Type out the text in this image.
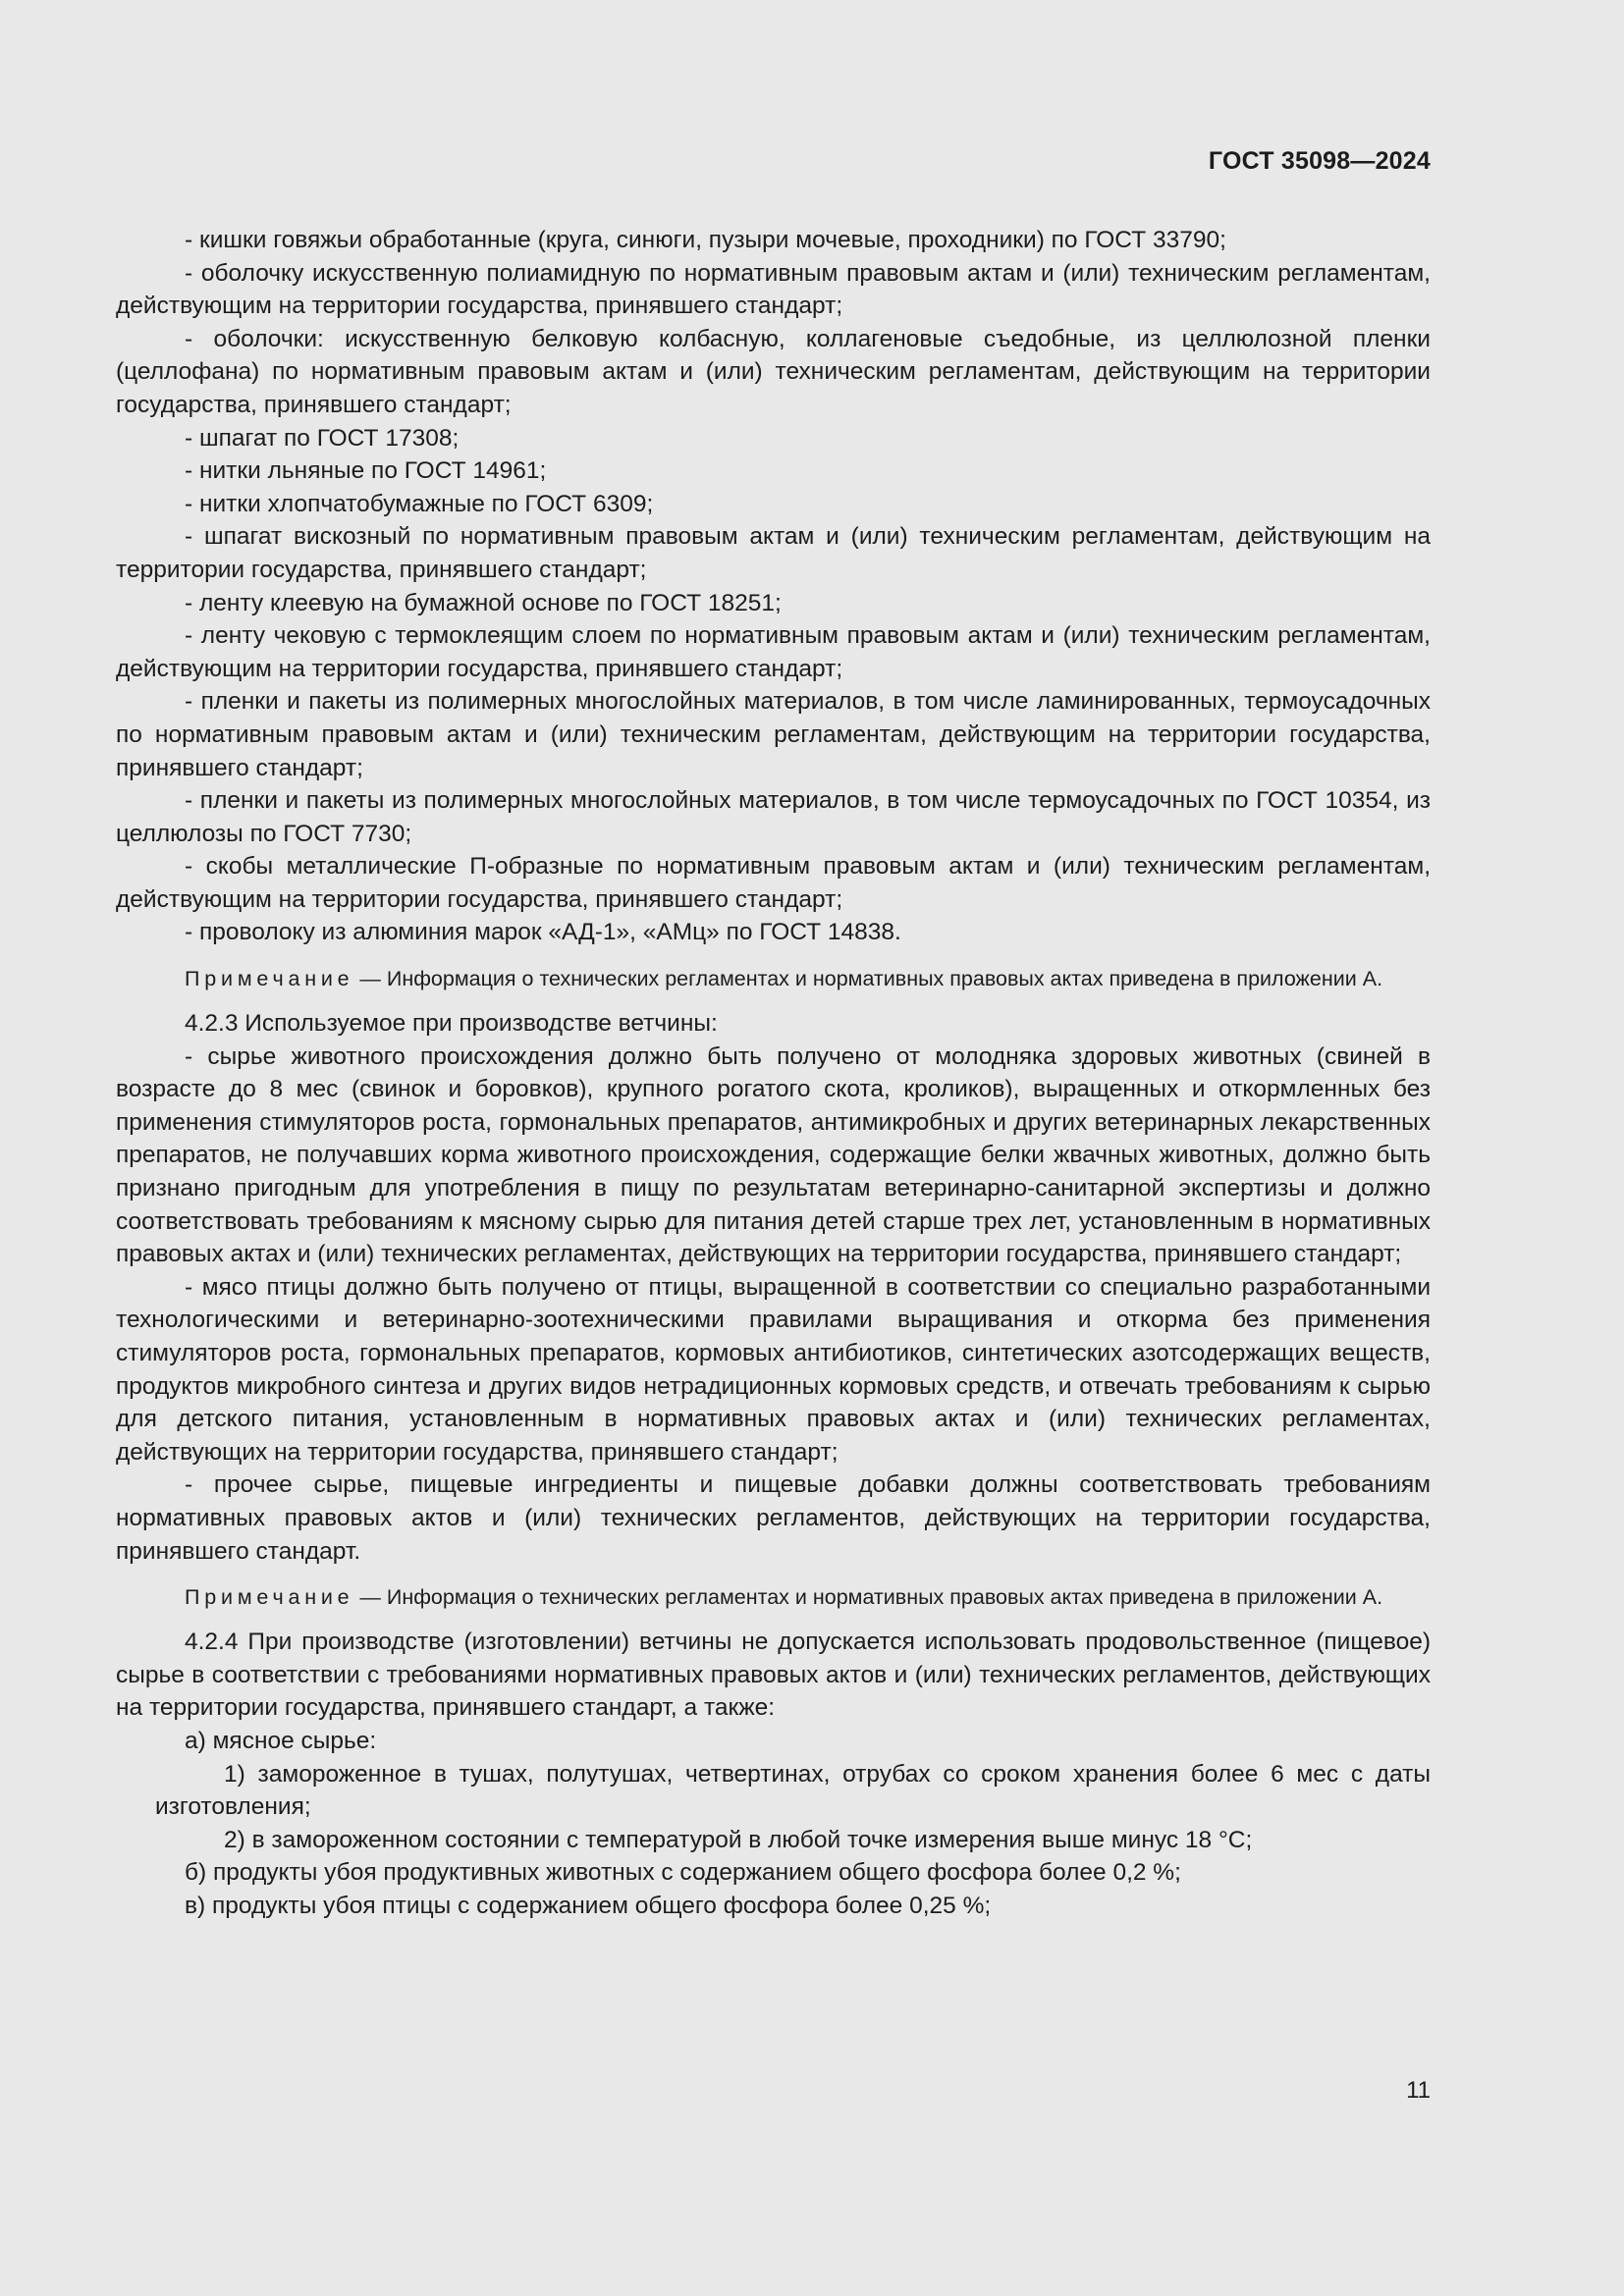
ГОСТ 35098—2024

- кишки говяжьи обработанные (круга, синюги, пузыри мочевые, проходники) по ГОСТ 33790;

- оболочку искусственную полиамидную по нормативным правовым актам и (или) техническим регламентам, действующим на территории государства, принявшего стандарт;

- оболочки: искусственную белковую колбасную, коллагеновые съедобные, из целлюлозной пленки (целлофана) по нормативным правовым актам и (или) техническим регламентам, действующим на территории государства, принявшего стандарт;

- шпагат по ГОСТ 17308;

- нитки льняные по ГОСТ 14961;

- нитки хлопчатобумажные по ГОСТ 6309;

- шпагат вискозный по нормативным правовым актам и (или) техническим регламентам, действующим на территории государства, принявшего стандарт;

- ленту клеевую на бумажной основе по ГОСТ 18251;

- ленту чековую с термоклеящим слоем по нормативным правовым актам и (или) техническим регламентам, действующим на территории государства, принявшего стандарт;

- пленки и пакеты из полимерных многослойных материалов, в том числе ламинированных, термоусадочных по нормативным правовым актам и (или) техническим регламентам, действующим на территории государства, принявшего стандарт;

- пленки и пакеты из полимерных многослойных материалов, в том числе термоусадочных по ГОСТ 10354, из целлюлозы по ГОСТ 7730;

- скобы металлические П-образные по нормативным правовым актам и (или) техническим регламентам, действующим на территории государства, принявшего стандарт;

- проволоку из алюминия марок «АД-1», «АМц» по ГОСТ 14838.

Примечание — Информация о технических регламентах и нормативных правовых актах приведена в приложении А.

4.2.3 Используемое при производстве ветчины:

- сырье животного происхождения должно быть получено от молодняка здоровых животных (свиней в возрасте до 8 мес (свинок и боровков), крупного рогатого скота, кроликов), выращенных и откормленных без применения стимуляторов роста, гормональных препаратов, антимикробных и других ветеринарных лекарственных препаратов, не получавших корма животного происхождения, содержащие белки жвачных животных, должно быть признано пригодным для употребления в пищу по результатам ветеринарно-санитарной экспертизы и должно соответствовать требованиям к мясному сырью для питания детей старше трех лет, установленным в нормативных правовых актах и (или) технических регламентах, действующих на территории государства, принявшего стандарт;

- мясо птицы должно быть получено от птицы, выращенной в соответствии со специально разработанными технологическими и ветеринарно-зоотехническими правилами выращивания и откорма без применения стимуляторов роста, гормональных препаратов, кормовых антибиотиков, синтетических азотсодержащих веществ, продуктов микробного синтеза и других видов нетрадиционных кормовых средств, и отвечать требованиям к сырью для детского питания, установленным в нормативных правовых актах и (или) технических регламентах, действующих на территории государства, принявшего стандарт;

- прочее сырье, пищевые ингредиенты и пищевые добавки должны соответствовать требованиям нормативных правовых актов и (или) технических регламентов, действующих на территории государства, принявшего стандарт.

Примечание — Информация о технических регламентах и нормативных правовых актах приведена в приложении А.

4.2.4 При производстве (изготовлении) ветчины не допускается использовать продовольственное (пищевое) сырье в соответствии с требованиями нормативных правовых актов и (или) технических регламентов, действующих на территории государства, принявшего стандарт, а также:

а) мясное сырье:

1) замороженное в тушах, полутушах, четвертинах, отрубах со сроком хранения более 6 мес с даты изготовления;

2) в замороженном состоянии с температурой в любой точке измерения выше минус 18 °С;

б) продукты убоя продуктивных животных с содержанием общего фосфора более 0,2 %;

в) продукты убоя птицы с содержанием общего фосфора более 0,25 %;

11
